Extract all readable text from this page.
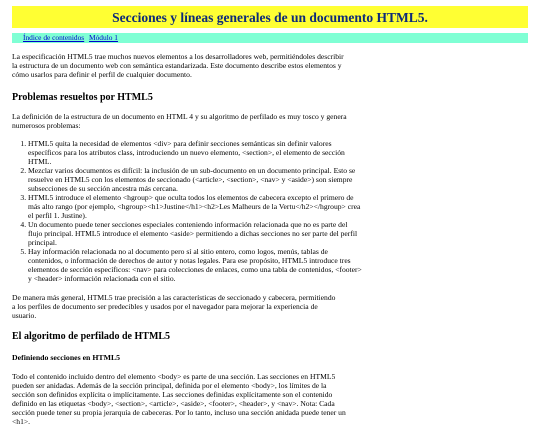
Secciones y líneas generales de un documento HTML5.
Índice de contenidos Módulo 1

La especificación HTML5 trae muchos nuevos elementos a los desarrolladores web, permitiéndoles describir la estructura de un documento web con semántica estandarizada. Este documento describe estos elementos y cómo usarlos para definir el perfil de cualquier documento.

Problemas resueltos por HTML5

La definición de la estructura de un documento en HTML 4 y su algoritmo de perfilado es muy tosco y genera numerosos problemas:

1. HTML5 quita la necesidad de elementos <div> para definir secciones semánticas sin definir valores específicos para los atributos class, introduciendo un nuevo elemento, <section>, el elemento de sección HTML.
2. Mezclar varios documentos es difícil: la inclusión de un sub-documento en un documento principal. Esto se resuelve en HTML5 con los elementos de seccionado (<article>, <section>, <nav> y <aside>) son siempre subsecciones de su sección ancestra más cercana.
3. HTML5 introduce el elemento <hgroup> que oculta todos los elementos de cabecera excepto el primero de más alto rango (por ejemplo, <hgroup><h1>Justine</h1><h2>Les Malheurs de la Vertu</h2></hgroup> crea el perfil 1. Justine).
4. Un documento puede tener secciones especiales conteniendo información relacionada que no es parte del flujo principal. HTML5 introduce el elemento <aside> permitiendo a dichas secciones no ser parte del perfil principal.
5. Hay información relacionada no al documento pero sí al sitio entero, como logos, menús, tablas de contenidos, o información de derechos de autor y notas legales. Para ese propósito, HTML5 introduce tres elementos de sección específicos: <nav> para colecciones de enlaces, como una tabla de contenidos, <footer> y <header> información relacionada con el sitio.

De manera más general, HTML5 trae precisión a las características de seccionado y cabecera, permitiendo a los perfiles de documento ser predecibles y usados por el navegador para mejorar la experiencia de usuario.

El algoritmo de perfilado de HTML5
Definiendo secciones en HTML5

Todo el contenido incluido dentro del elemento <body> es parte de una sección. Las secciones en HTML5 pueden ser anidadas. Además de la sección principal, definida por el elemento <body>, los límites de la sección son definidos explícita o implícitamente. Las secciones definidas explícitamente son el contenido definido en las etiquetas <body>, <section>, <article>, <aside>, <footer>, <header>, y <nav>. Nota: Cada sección puede tener su propia jerarquía de cabeceras. Por lo tanto, incluso una sección anidada puede tener un <h1>.
